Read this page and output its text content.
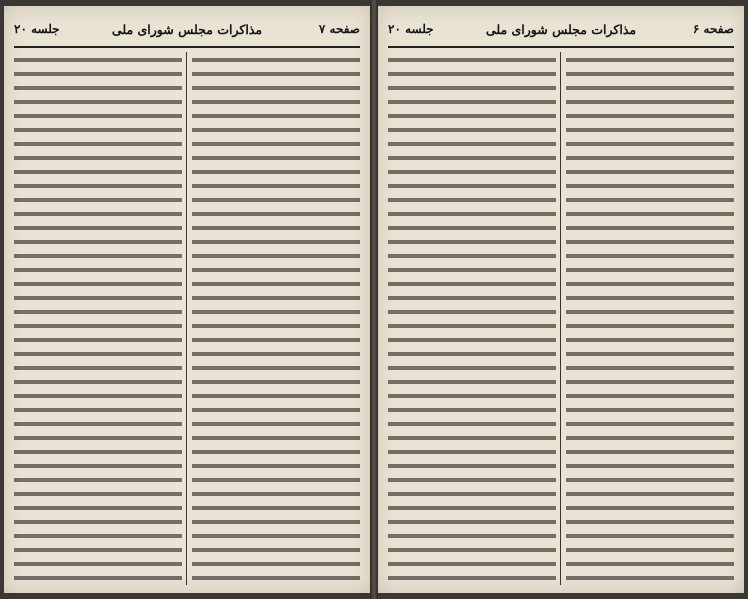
صفحه ۷
مذاکرات مجلس شورای ملی
جلسه ۲۰	صفحه ۶
مذاکرات مجلس شورای ملی
جلسه ۲۰
